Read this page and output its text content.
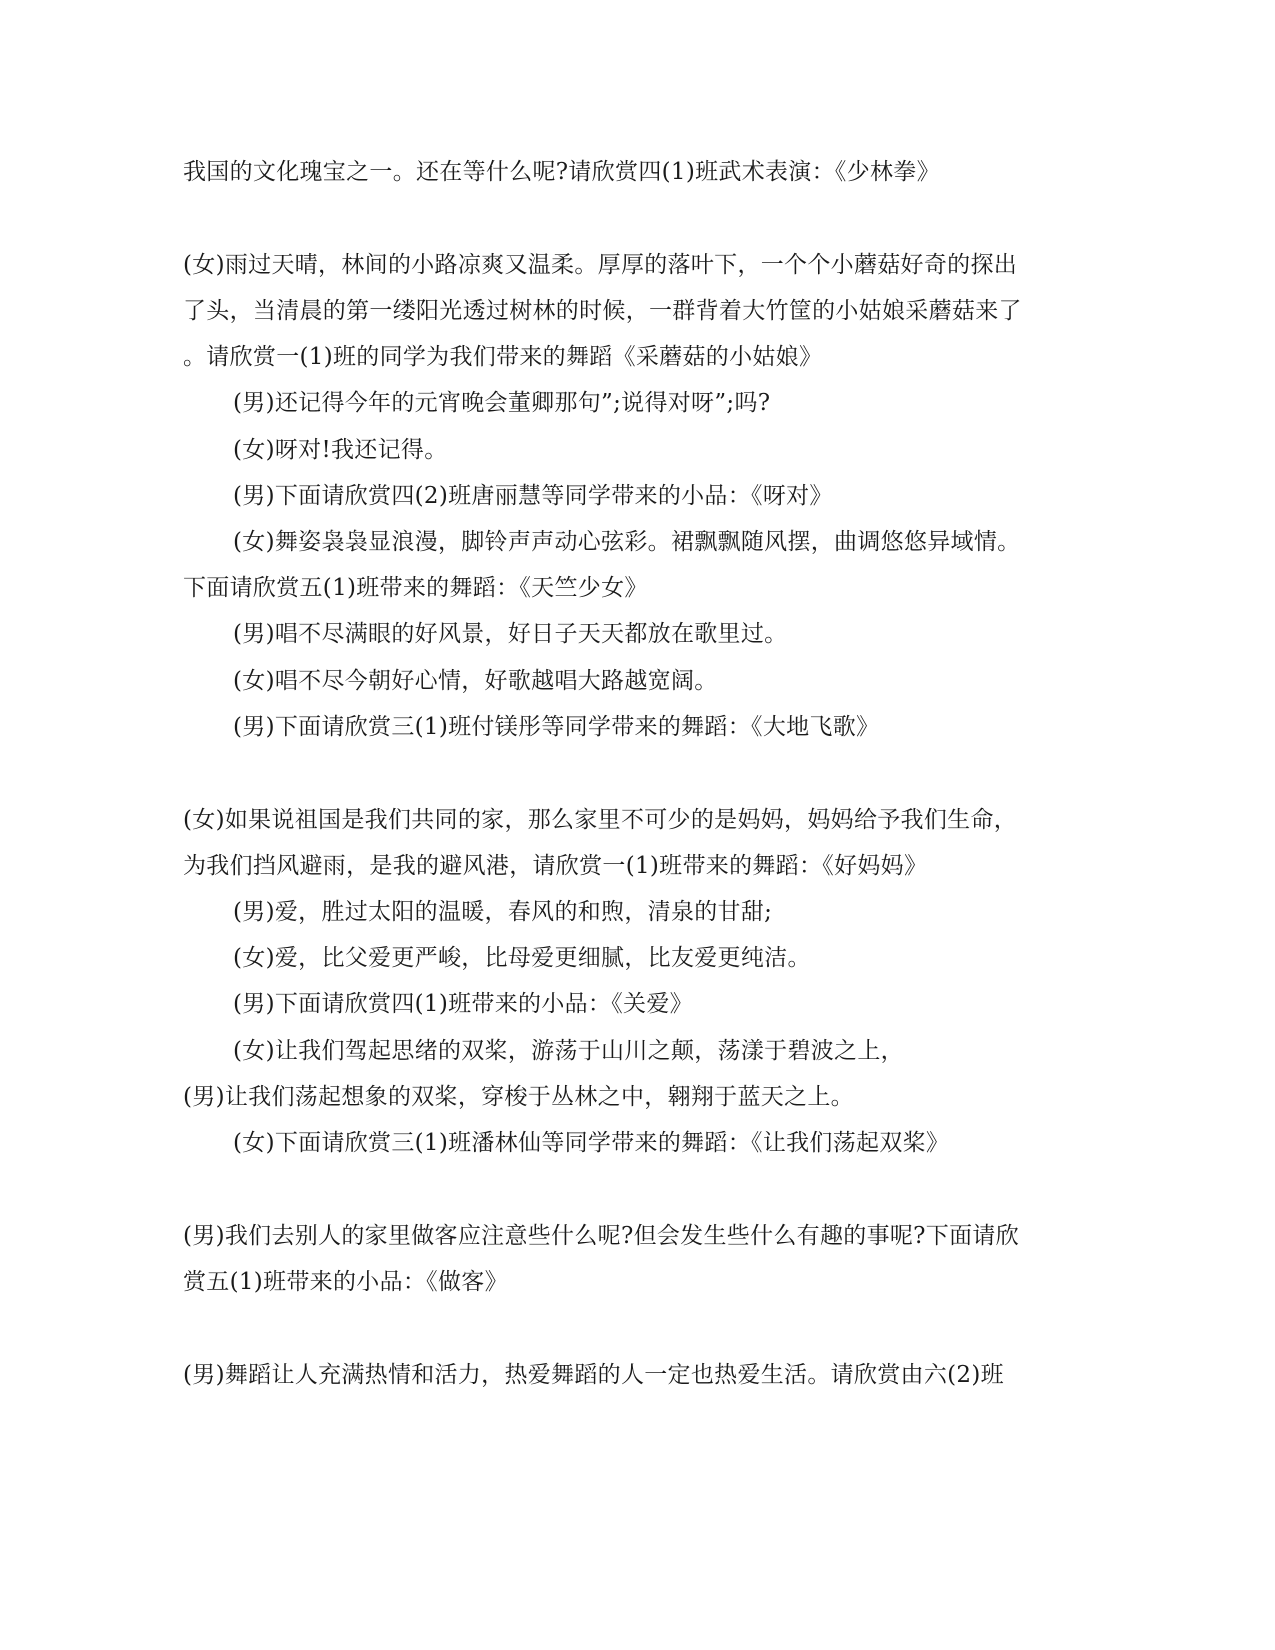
我国的文化瑰宝之一。还在等什么呢?请欣赏四(1)班武术表演：《少林拳》
(女)雨过天晴，林间的小路凉爽又温柔。厚厚的落叶下，一个个小蘑菇好奇的探出
了头，当清晨的第一缕阳光透过树林的时候，一群背着大竹筐的小姑娘采蘑菇来了
。请欣赏一(1)班的同学为我们带来的舞蹈《采蘑菇的小姑娘》
(男)还记得今年的元宵晚会董卿那句”;说得对呀”;吗?
(女)呀对!我还记得。
(男)下面请欣赏四(2)班唐丽慧等同学带来的小品：《呀对》
(女)舞姿袅袅显浪漫，脚铃声声动心弦彩。裙飘飘随风摆，曲调悠悠异域情。
下面请欣赏五(1)班带来的舞蹈：《天竺少女》
(男)唱不尽满眼的好风景，好日子天天都放在歌里过。
(女)唱不尽今朝好心情，好歌越唱大路越宽阔。
(男)下面请欣赏三(1)班付镁彤等同学带来的舞蹈：《大地飞歌》
(女)如果说祖国是我们共同的家，那么家里不可少的是妈妈，妈妈给予我们生命，
为我们挡风避雨，是我的避风港，请欣赏一(1)班带来的舞蹈：《好妈妈》
(男)爱，胜过太阳的温暖，春风的和煦，清泉的甘甜;
(女)爱，比父爱更严峻，比母爱更细腻，比友爱更纯洁。
(男)下面请欣赏四(1)班带来的小品：《关爱》
(女)让我们驾起思绪的双桨，游荡于山川之颠，荡漾于碧波之上，
(男)让我们荡起想象的双桨，穿梭于丛林之中，翱翔于蓝天之上。
(女)下面请欣赏三(1)班潘林仙等同学带来的舞蹈：《让我们荡起双桨》
(男)我们去别人的家里做客应注意些什么呢?但会发生些什么有趣的事呢?下面请欣
赏五(1)班带来的小品：《做客》
(男)舞蹈让人充满热情和活力，热爱舞蹈的人一定也热爱生活。请欣赏由六(2)班
